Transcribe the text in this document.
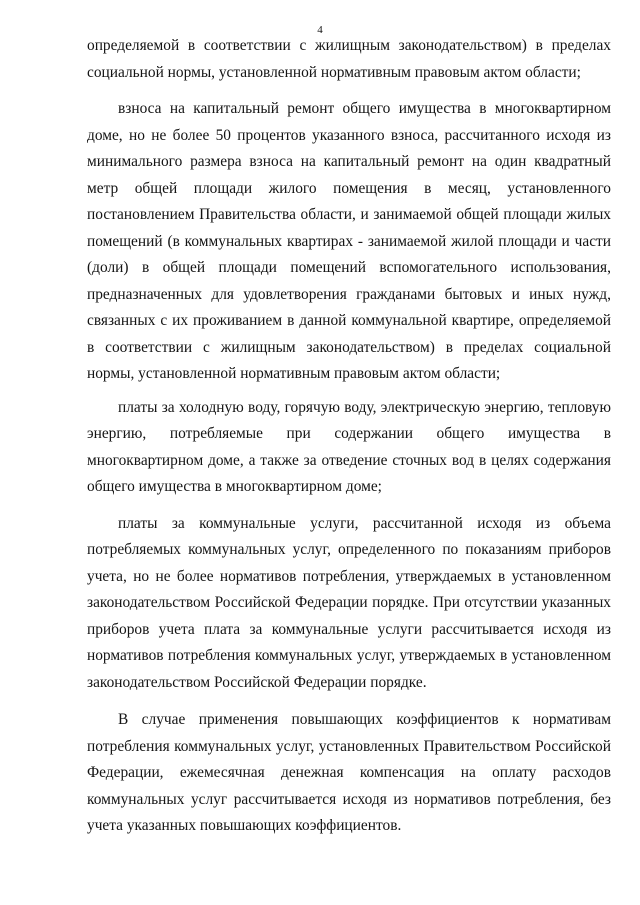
4

определяемой в соответствии с жилищным законодательством) в пределах социальной нормы, установленной нормативным правовым актом области;

взноса на капитальный ремонт общего имущества в многоквартирном доме, но не более 50 процентов указанного взноса, рассчитанного исходя из минимального размера взноса на капитальный ремонт на один квадратный метр общей площади жилого помещения в месяц, установленного постановлением Правительства области, и занимаемой общей площади жилых помещений (в коммунальных квартирах - занимаемой жилой площади и части (доли) в общей площади помещений вспомогательного использования, предназначенных для удовлетворения гражданами бытовых и иных нужд, связанных с их проживанием в данной коммунальной квартире, определяемой в соответствии с жилищным законодательством) в пределах социальной нормы, установленной нормативным правовым актом области;

платы за холодную воду, горячую воду, электрическую энергию, тепловую энергию, потребляемые при содержании общего имущества в многоквартирном доме, а также за отведение сточных вод в целях содержания общего имущества в многоквартирном доме;

платы за коммунальные услуги, рассчитанной исходя из объема потребляемых коммунальных услуг, определенного по показаниям приборов учета, но не более нормативов потребления, утверждаемых в установленном законодательством Российской Федерации порядке. При отсутствии указанных приборов учета плата за коммунальные услуги рассчитывается исходя из нормативов потребления коммунальных услуг, утверждаемых в установленном законодательством Российской Федерации порядке.

В случае применения повышающих коэффициентов к нормативам потребления коммунальных услуг, установленных Правительством Российской Федерации, ежемесячная денежная компенсация на оплату расходов коммунальных услуг рассчитывается исходя из нормативов потребления, без учета указанных повышающих коэффициентов.
